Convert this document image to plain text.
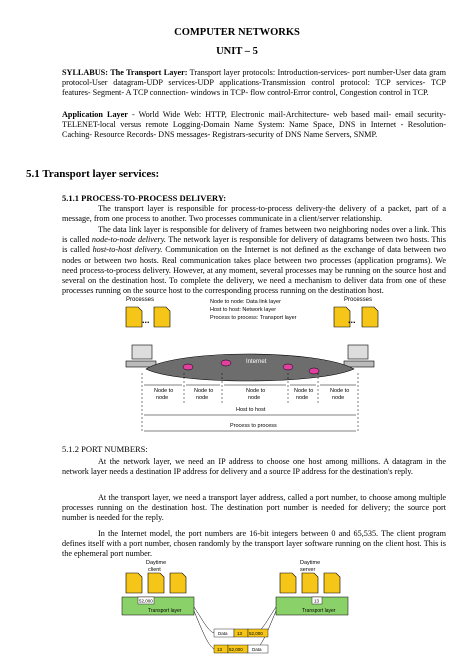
COMPUTER NETWORKS
UNIT – 5
SYLLABUS: The Transport Layer: Transport layer protocols: Introduction-services- port number-User data gram protocol-User datagram-UDP services-UDP applications-Transmission control protocol: TCP services- TCP features- Segment- A TCP connection- windows in TCP- flow control-Error control, Congestion control in TCP.
Application Layer - World Wide Web: HTTP, Electronic mail-Architecture- web based mail- email security- TELENET-local versus remote Logging-Domain Name System: Name Space, DNS in Internet - Resolution-Caching- Resource Records- DNS messages- Registrars-security of DNS Name Servers, SNMP.
5.1 Transport layer services:
5.1.1 PROCESS-TO-PROCESS DELIVERY:
The transport layer is responsible for process-to-process delivery-the delivery of a packet, part of a message, from one process to another. Two processes communicate in a client/server relationship.
The data link layer is responsible for delivery of frames between two neighboring nodes over a link. This is called node-to-node delivery. The network layer is responsible for delivery of datagrams between two hosts. This is called host-to-host delivery. Communication on the Internet is not defined as the exchange of data between two nodes or between two hosts. Real communication takes place between two processes (application programs). We need process-to-process delivery. However, at any moment, several processes may be running on the source host and several on the destination host. To complete the delivery, we need a mechanism to deliver data from one of these processes running on the source host to the corresponding process running on the destination host.
Processes
...
Processes
...
Node to node: Data link layer
Host to host: Network layer
Process to process: Transport layer
Internet
Node to
node
Node to
node
Node to
node
Node to
node
Node to
node
Host to host
Process to process
5.1.2 PORT NUMBERS:
At the network layer, we need an IP address to choose one host among millions. A datagram in the network layer needs a destination IP address for delivery and a source IP address for the destination's reply.
At the transport layer, we need a transport layer address, called a port number, to choose among multiple processes running on the destination host. The destination port number is needed for delivery; the source port number is needed for the reply.
In the Internet model, the port numbers are 16-bit integers between 0 and 65,535. The client program defines itself with a port number, chosen randomly by the transport layer software running on the client host. This is the ephemeral port number.
Daytime
client
Daytime
server
52,000	13
Transport layer	Transport layer
Data 13 52,000
13 52,000 Data
